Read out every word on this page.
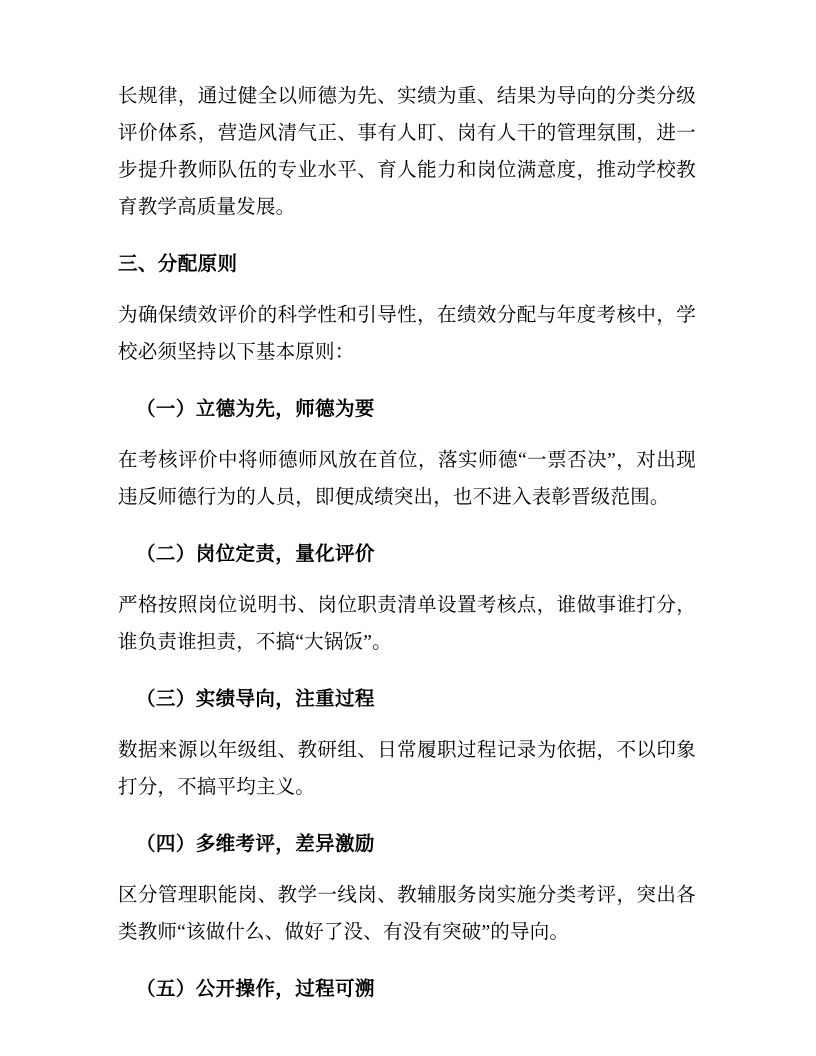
长规律，通过健全以师德为先、实绩为重、结果为导向的分类分级评价体系，营造风清气正、事有人盯、岗有人干的管理氛围，进一步提升教师队伍的专业水平、育人能力和岗位满意度，推动学校教育教学高质量发展。

三、分配原则

为确保绩效评价的科学性和引导性，在绩效分配与年度考核中，学校必须坚持以下基本原则：

（一）立德为先，师德为要

在考核评价中将师德师风放在首位，落实师德“一票否决”，对出现违反师德行为的人员，即便成绩突出，也不进入表彰晋级范围。

（二）岗位定责，量化评价

严格按照岗位说明书、岗位职责清单设置考核点，谁做事谁打分，谁负责谁担责，不搞“大锅饭”。

（三）实绩导向，注重过程

数据来源以年级组、教研组、日常履职过程记录为依据，不以印象打分，不搞平均主义。

（四）多维考评，差异激励

区分管理职能岗、教学一线岗、教辅服务岗实施分类考评，突出各类教师“该做什么、做好了没、有没有突破”的导向。

（五）公开操作，过程可溯
